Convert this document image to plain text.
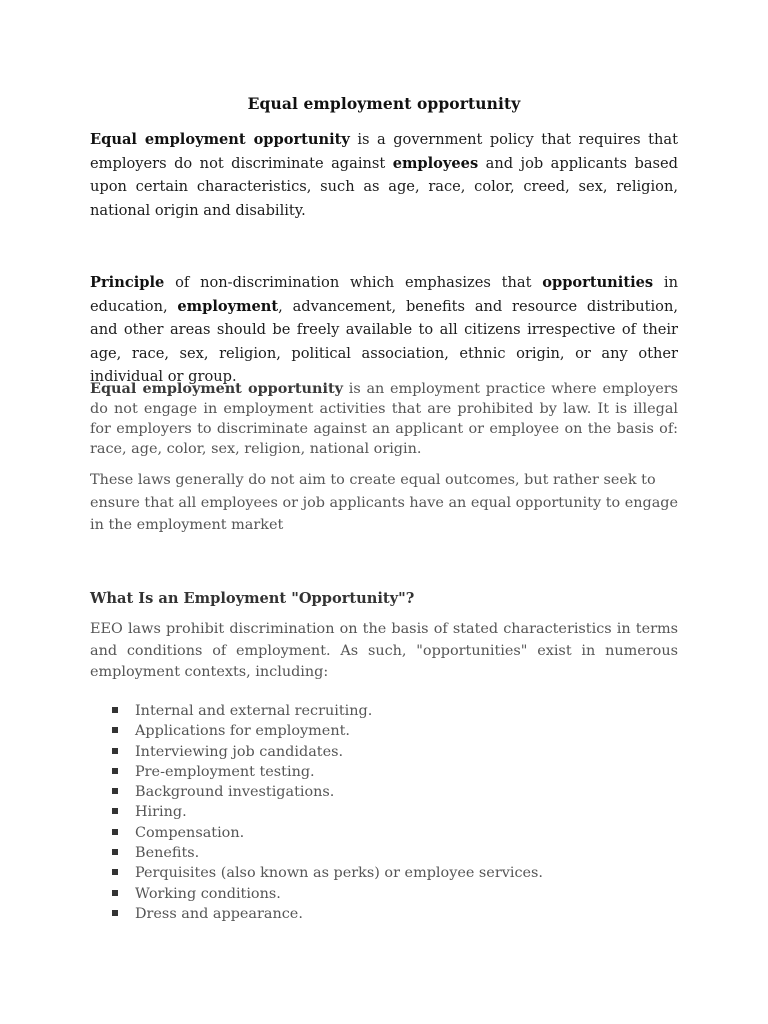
Equal employment opportunity

Equal employment opportunity is a government policy that requires that employers do not discriminate against employees and job applicants based upon certain characteristics, such as age, race, color, creed, sex, religion, national origin and disability.

Principle of non-discrimination which emphasizes that opportunities in education, employment, advancement, benefits and resource distribution, and other areas should be freely available to all citizens irrespective of their age, race, sex, religion, political association, ethnic origin, or any other individual or group.

Equal employment opportunity is an employment practice where employers do not engage in employment activities that are prohibited by law. It is illegal for employers to discriminate against an applicant or employee on the basis of: race, age, color, sex, religion, national origin.

These laws generally do not aim to create equal outcomes, but rather seek to ensure that all employees or job applicants have an equal opportunity to engage in the employment market

What Is an Employment "Opportunity"?

EEO laws prohibit discrimination on the basis of stated characteristics in terms and conditions of employment. As such, "opportunities" exist in numerous employment contexts, including:

Internal and external recruiting.
Applications for employment.
Interviewing job candidates.
Pre-employment testing.
Background investigations.
Hiring.
Compensation.
Benefits.
Perquisites (also known as perks) or employee services.
Working conditions.
Dress and appearance.
